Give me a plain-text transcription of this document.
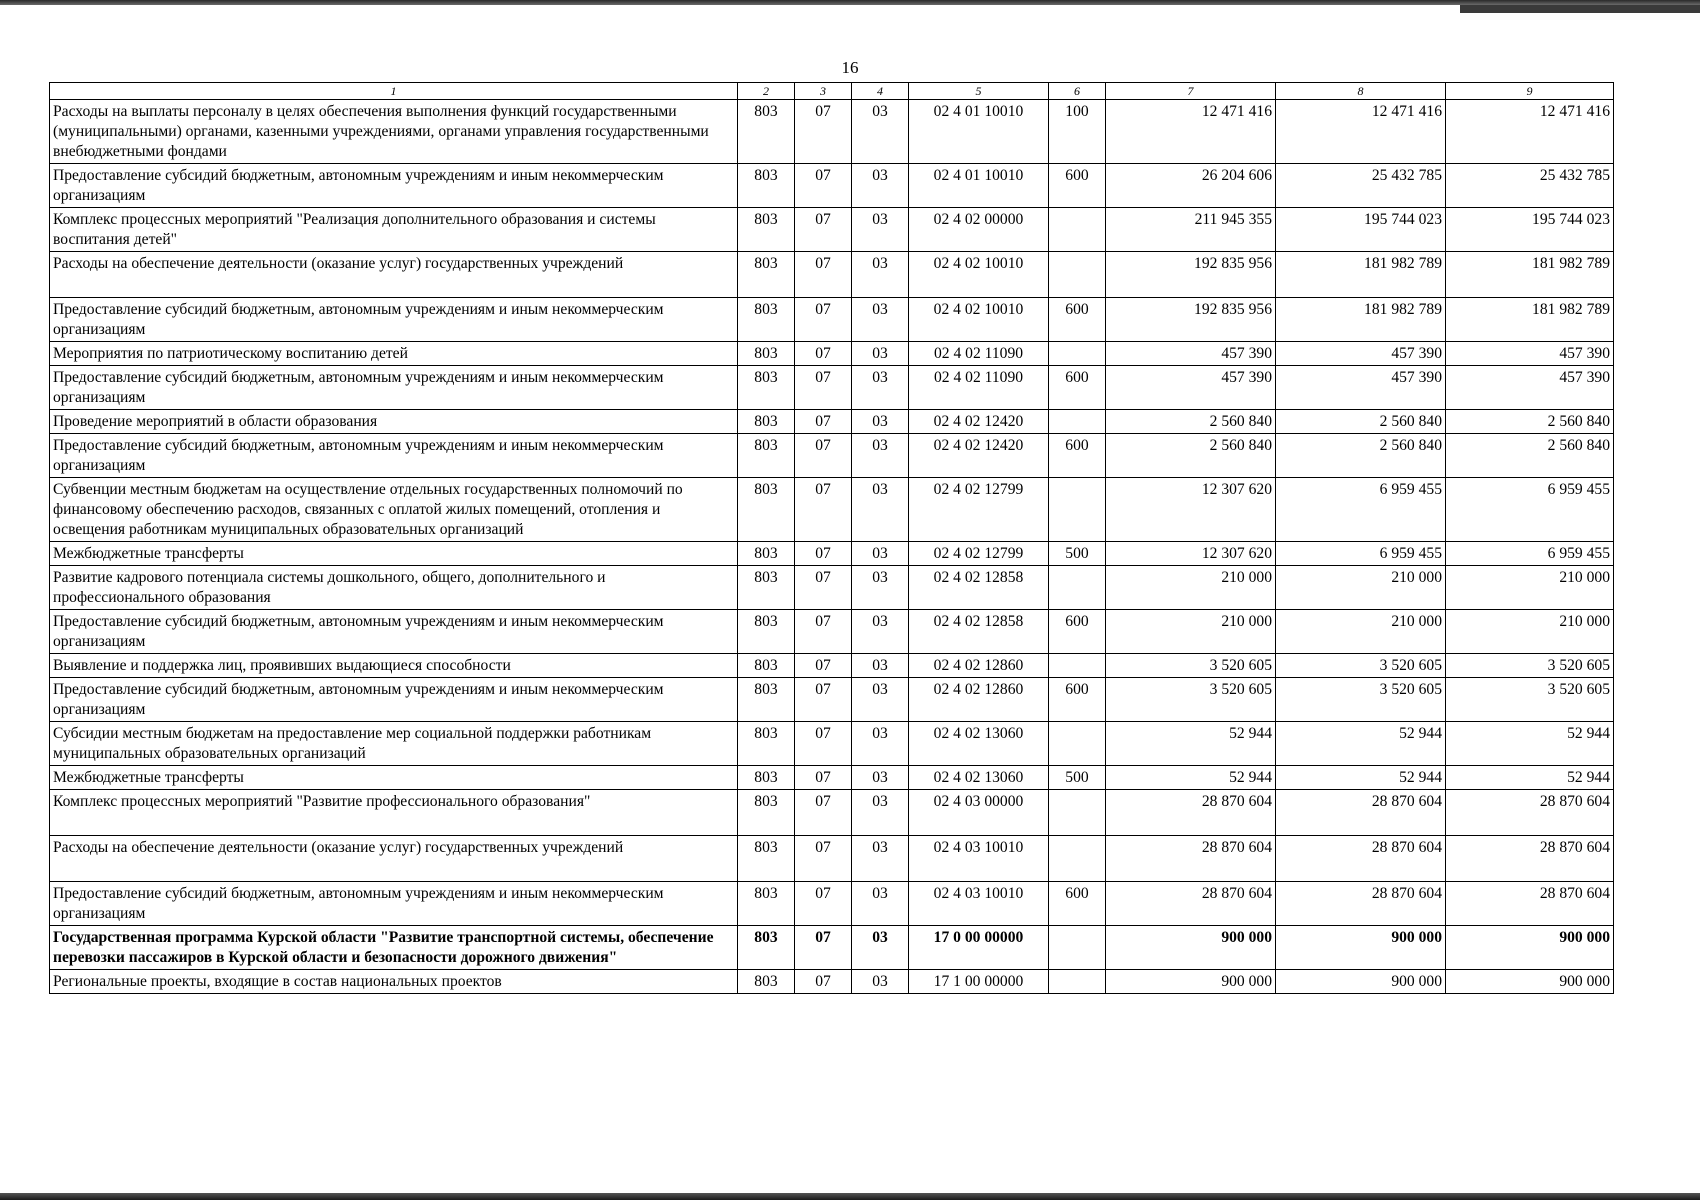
16
1	2	3	4	5	6	7	8	9
Расходы на выплаты персоналу в целях обеспечения выполнения функций государственными (муниципальными) органами, казенными учреждениями, органами управления государственными внебюджетными фондами	803	07	03	02 4 01 10010	100	12 471 416	12 471 416	12 471 416
Предоставление субсидий бюджетным, автономным учреждениям и иным некоммерческим организациям	803	07	03	02 4 01 10010	600	26 204 606	25 432 785	25 432 785
Комплекс процессных мероприятий "Реализация дополнительного образования и системы воспитания детей"	803	07	03	02 4 02 00000		211 945 355	195 744 023	195 744 023
Расходы на обеспечение деятельности (оказание услуг) государственных учреждений	803	07	03	02 4 02 10010		192 835 956	181 982 789	181 982 789
Предоставление субсидий бюджетным, автономным учреждениям и иным некоммерческим организациям	803	07	03	02 4 02 10010	600	192 835 956	181 982 789	181 982 789
Мероприятия по патриотическому воспитанию детей	803	07	03	02 4 02 11090		457 390	457 390	457 390
Предоставление субсидий бюджетным, автономным учреждениям и иным некоммерческим организациям	803	07	03	02 4 02 11090	600	457 390	457 390	457 390
Проведение мероприятий в области образования	803	07	03	02 4 02 12420		2 560 840	2 560 840	2 560 840
Предоставление субсидий бюджетным, автономным учреждениям и иным некоммерческим организациям	803	07	03	02 4 02 12420	600	2 560 840	2 560 840	2 560 840
Субвенции местным бюджетам на осуществление отдельных государственных полномочий по финансовому обеспечению расходов, связанных с оплатой жилых помещений, отопления и освещения работникам муниципальных образовательных организаций	803	07	03	02 4 02 12799		12 307 620	6 959 455	6 959 455
Межбюджетные трансферты	803	07	03	02 4 02 12799	500	12 307 620	6 959 455	6 959 455
Развитие кадрового потенциала системы дошкольного, общего, дополнительного и профессионального образования	803	07	03	02 4 02 12858		210 000	210 000	210 000
Предоставление субсидий бюджетным, автономным учреждениям и иным некоммерческим организациям	803	07	03	02 4 02 12858	600	210 000	210 000	210 000
Выявление и поддержка лиц, проявивших выдающиеся способности	803	07	03	02 4 02 12860		3 520 605	3 520 605	3 520 605
Предоставление субсидий бюджетным, автономным учреждениям и иным некоммерческим организациям	803	07	03	02 4 02 12860	600	3 520 605	3 520 605	3 520 605
Субсидии местным бюджетам на предоставление мер социальной поддержки работникам муниципальных образовательных организаций	803	07	03	02 4 02 13060		52 944	52 944	52 944
Межбюджетные трансферты	803	07	03	02 4 02 13060	500	52 944	52 944	52 944
Комплекс процессных мероприятий "Развитие профессионального образования"	803	07	03	02 4 03 00000		28 870 604	28 870 604	28 870 604
Расходы на обеспечение деятельности (оказание услуг) государственных учреждений	803	07	03	02 4 03 10010		28 870 604	28 870 604	28 870 604
Предоставление субсидий бюджетным, автономным учреждениям и иным некоммерческим организациям	803	07	03	02 4 03 10010	600	28 870 604	28 870 604	28 870 604
Государственная программа Курской области "Развитие транспортной системы, обеспечение перевозки пассажиров в Курской области и безопасности дорожного движения"	803	07	03	17 0 00 00000		900 000	900 000	900 000
Региональные проекты, входящие в состав национальных проектов	803	07	03	17 1 00 00000		900 000	900 000	900 000
